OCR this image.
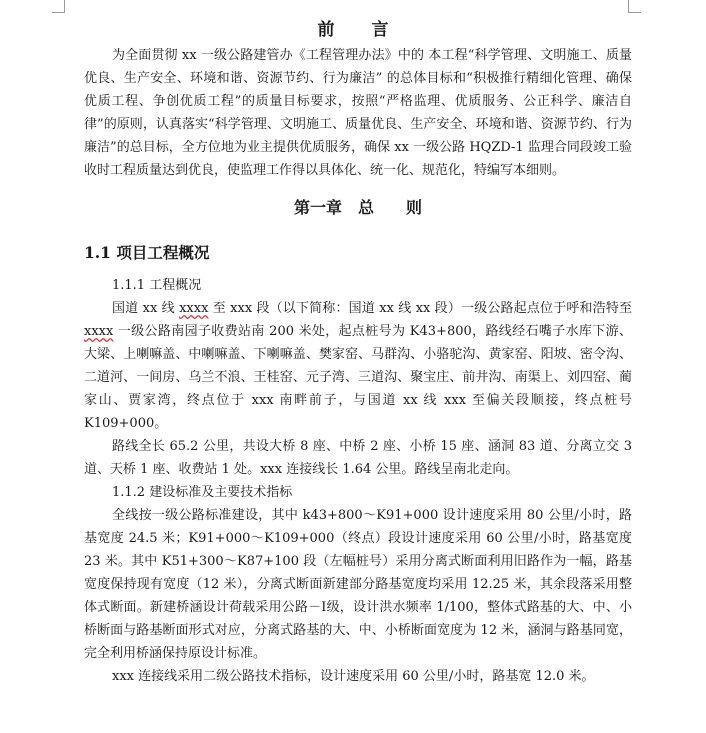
前　言

为全面贯彻 xx 一级公路建管办《工程管理办法》中的 本工程“科学管理、文明施工、质量优良、生产安全、环境和谐、资源节约、行为廉洁” 的总体目标和“积极推行精细化管理、确保优质工程、争创优质工程”的质量目标要求，按照“严格监理、优质服务、公正科学、廉洁自律”的原则，认真落实“科学管理、文明施工、质量优良、生产安全、环境和谐、资源节约、行为廉洁”的总目标，全方位地为业主提供优质服务，确保 xx 一级公路 HQZD-1 监理合同段竣工验收时工程质量达到优良，使监理工作得以具体化、统一化、规范化，特编写本细则。

第一章　总　　则
1.1 项目工程概况
1.1.1 工程概况

国道 xx 线 xxxx 至 xxx 段（以下简称：国道 xx 线 xx 段）一级公路起点位于呼和浩特至 xxxx 一级公路南园子收费站南 200 米处，起点桩号为 K43+800，路线经石嘴子水库下游、大梁、上喇嘛盖、中喇嘛盖、下喇嘛盖、樊家窑、马群沟、小骆驼沟、黄家窑、阳坡、密令沟、二道河、一间房、乌兰不浪、王桂窑、元子湾、三道沟、聚宝庄、前井沟、南渠上、刘四窑、蔺家山、贾家湾，终点位于 xxx 南畔前子，与国道 xx 线 xxx 至偏关段顺接，终点桩号 K109+000。

路线全长 65.2 公里，共设大桥 8 座、中桥 2 座、小桥 15 座、涵洞 83 道、分离立交 3 道、天桥 1 座、收费站 1 处。xxx 连接线长 1.64 公里。路线呈南北走向。

1.1.2 建设标准及主要技术指标

全线按一级公路标准建设，其中 k43+800～K91+000 设计速度采用 80 公里/小时，路基宽度 24.5 米；K91+000～K109+000（终点）段设计速度采用 60 公里/小时，路基宽度 23 米。其中 K51+300～K87+100 段（左幅桩号）采用分离式断面利用旧路作为一幅，路基宽度保持现有宽度（12 米），分离式断面新建部分路基宽度均采用 12.25 米，其余段落采用整体式断面。新建桥涵设计荷载采用公路－Ⅰ级，设计洪水频率 1/100，整体式路基的大、中、小桥断面与路基断面形式对应，分离式路基的大、中、小桥断面宽度为 12 米，涵洞与路基同宽，完全利用桥涵保持原设计标准。

xxx 连接线采用二级公路技术指标，设计速度采用 60 公里/小时，路基宽 12.0 米。
